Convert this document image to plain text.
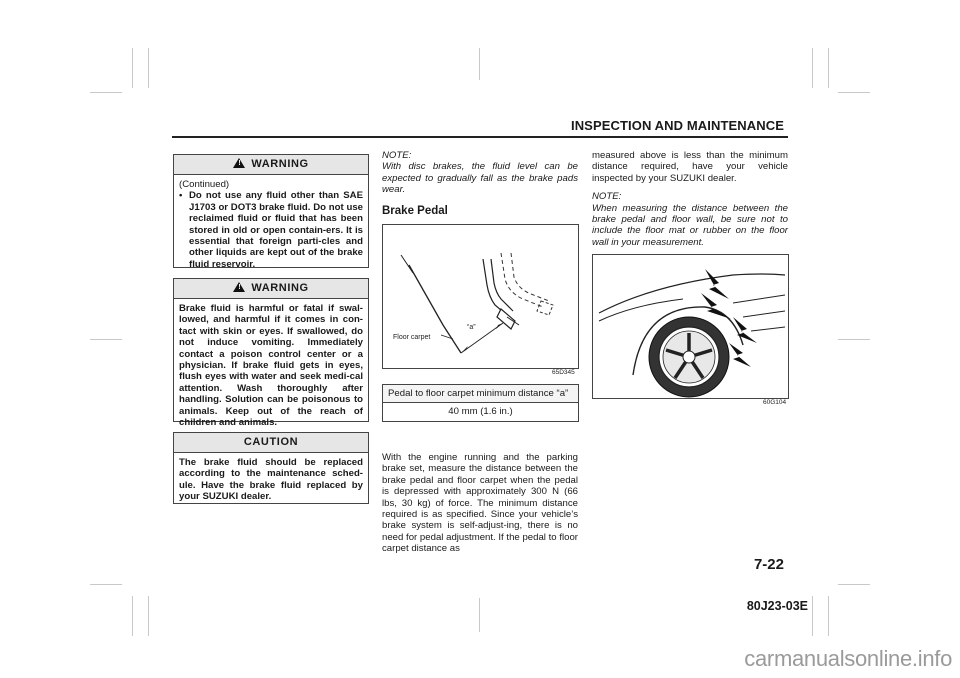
INSPECTION AND MAINTENANCE
! WARNING
(Continued)
• Do not use any fluid other than SAE J1703 or DOT3 brake fluid. Do not use reclaimed fluid or fluid that has been stored in old or open contain-ers. It is essential that foreign parti-cles and other liquids are kept out of the brake fluid reservoir.
! WARNING
Brake fluid is harmful or fatal if swal-lowed, and harmful if it comes in con-tact with skin or eyes. If swallowed, do not induce vomiting. Immediately contact a poison control center or a physician. If brake fluid gets in eyes, flush eyes with water and seek medi-cal attention. Wash thoroughly after handling. Solution can be poisonous to animals. Keep out of the reach of children and animals.
CAUTION
The brake fluid should be replaced according to the maintenance sched-ule. Have the brake fluid replaced by your SUZUKI dealer.
NOTE:
With disc brakes, the fluid level can be expected to gradually fall as the brake pads wear.
Brake Pedal
Floor carpet
“a”
65D345
Pedal to floor carpet minimum distance “a”
40 mm (1.6 in.)
With the engine running and the parking brake set, measure the distance between the brake pedal and floor carpet when the pedal is depressed with approximately 300 N (66 lbs, 30 kg) of force. The minimum distance required is as specified. Since your vehicle’s brake system is self-adjust-ing, there is no need for pedal adjustment. If the pedal to floor carpet distance as
measured above is less than the minimum distance required, have your vehicle inspected by your SUZUKI dealer.
NOTE:
When measuring the distance between the brake pedal and floor wall, be sure not to include the floor mat or rubber on the floor wall in your measurement.
60G104
7-22
80J23-03E
carmanualsonline.info
